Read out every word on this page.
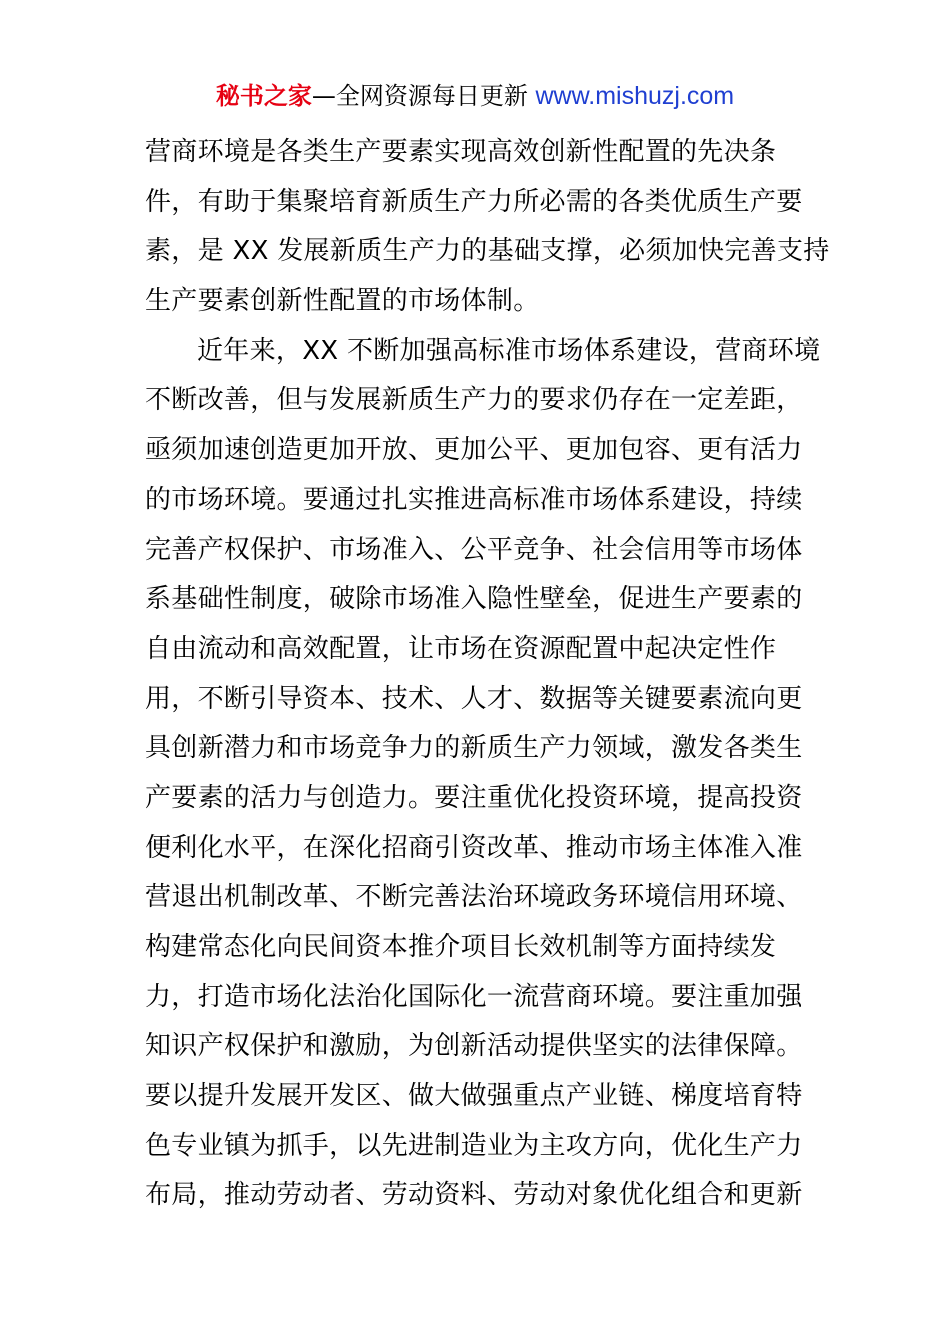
秘书之家—全网资源每日更新 www.mishuzj.com
营商环境是各类生产要素实现高效创新性配置的先决条
件，有助于集聚培育新质生产力所必需的各类优质生产要
素，是 XX 发展新质生产力的基础支撑，必须加快完善支持
生产要素创新性配置的市场体制。
近年来，XX 不断加强高标准市场体系建设，营商环境
不断改善，但与发展新质生产力的要求仍存在一定差距，
亟须加速创造更加开放、更加公平、更加包容、更有活力
的市场环境。要通过扎实推进高标准市场体系建设，持续
完善产权保护、市场准入、公平竞争、社会信用等市场体
系基础性制度，破除市场准入隐性壁垒，促进生产要素的
自由流动和高效配置，让市场在资源配置中起决定性作
用，不断引导资本、技术、人才、数据等关键要素流向更
具创新潜力和市场竞争力的新质生产力领域，激发各类生
产要素的活力与创造力。要注重优化投资环境，提高投资
便利化水平，在深化招商引资改革、推动市场主体准入准
营退出机制改革、不断完善法治环境政务环境信用环境、
构建常态化向民间资本推介项目长效机制等方面持续发
力，打造市场化法治化国际化一流营商环境。要注重加强
知识产权保护和激励，为创新活动提供坚实的法律保障。
要以提升发展开发区、做大做强重点产业链、梯度培育特
色专业镇为抓手，以先进制造业为主攻方向，优化生产力
布局，推动劳动者、劳动资料、劳动对象优化组合和更新
